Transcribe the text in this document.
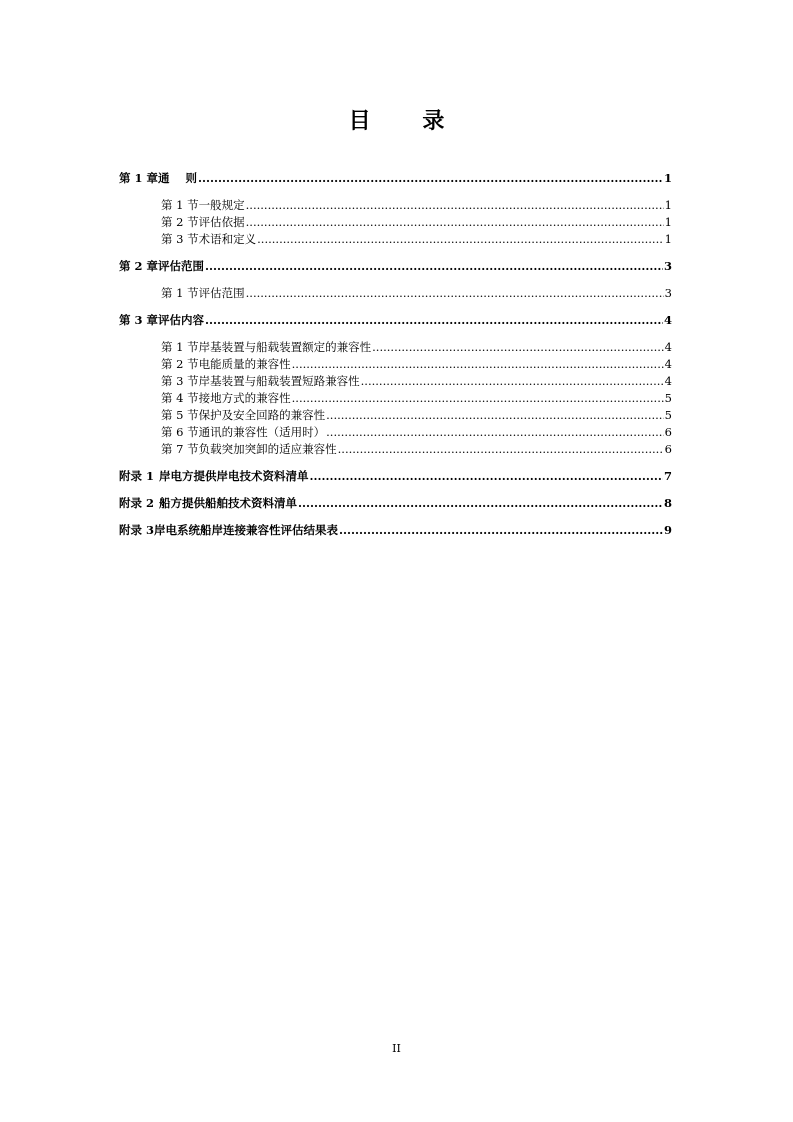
目 录
第 1 章 通    则 .....	1
第 1 节 一般规定 .....	1
第 2 节 评估依据 .....	1
第 3 节 术语和定义 .....	1
第 2 章 评估范围 .....	3
第 1 节 评估范围 .....	3
第 3 章 评估内容 .....	4
第 1 节 岸基装置与船载装置额定的兼容性 .....	4
第 2 节 电能质量的兼容性 .....	4
第 3 节 岸基装置与船载装置短路兼容性 .....	4
第 4 节 接地方式的兼容性 .....	5
第 5 节 保护及安全回路的兼容性 .....	5
第 6 节 通讯的兼容性（适用时） .....	6
第 7 节 负载突加突卸的适应兼容性 .....	6
附录 1 岸电方提供岸电技术资料清单 .....	7
附录 2 船方提供船舶技术资料清单 .....	8
附录 3 岸电系统船岸连接兼容性评估结果表 .....	9
II
